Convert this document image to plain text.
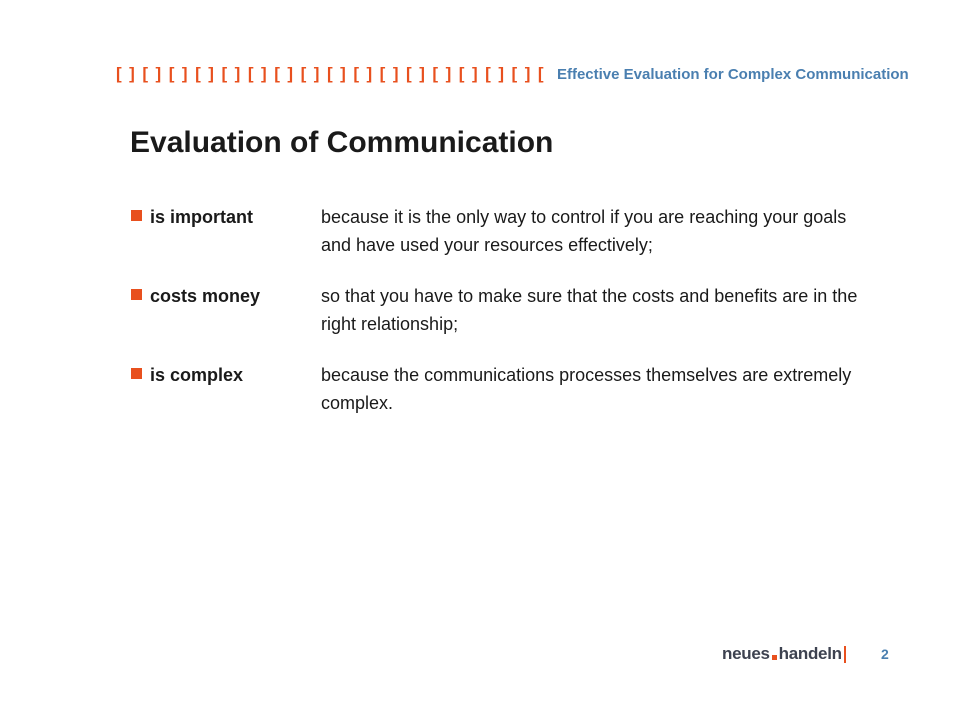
[ ] [ ] [ ] [ ] [ ] [ ] [ ] [ ] [ ] [ ] [ ] [ ] [ ] [ ] [ ] [ ] [ Effective Evaluation for Complex Communication
Evaluation of Communication
is important	because it is the only way to control if you are reaching your goals and have used your resources effectively;
costs money	so that you have to make sure that the costs and benefits are in the right relationship;
is complex	because the communications processes themselves are extremely complex.
neues handeln	2
